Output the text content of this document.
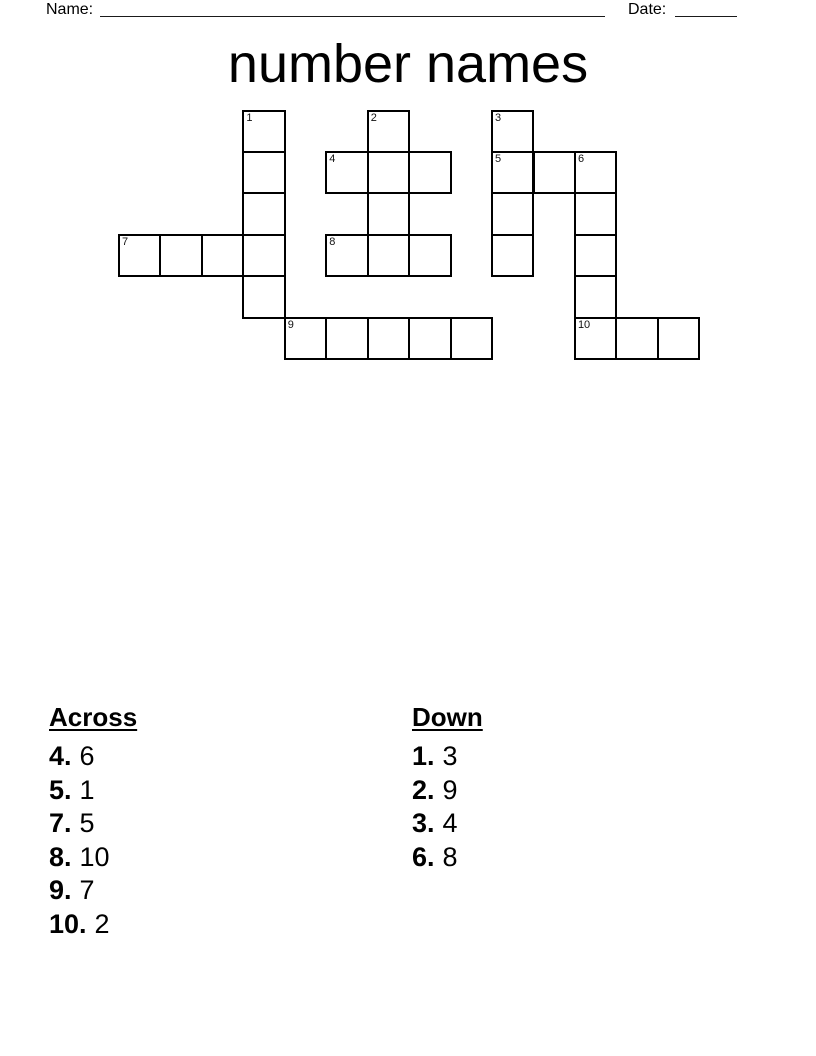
Name:	Date:
number names
1	2	3
4	5	6
7	8
9	10
Across
4. 6
5. 1
7. 5
8. 10
9. 7
10. 2
Down
1. 3
2. 9
3. 4
6. 8
